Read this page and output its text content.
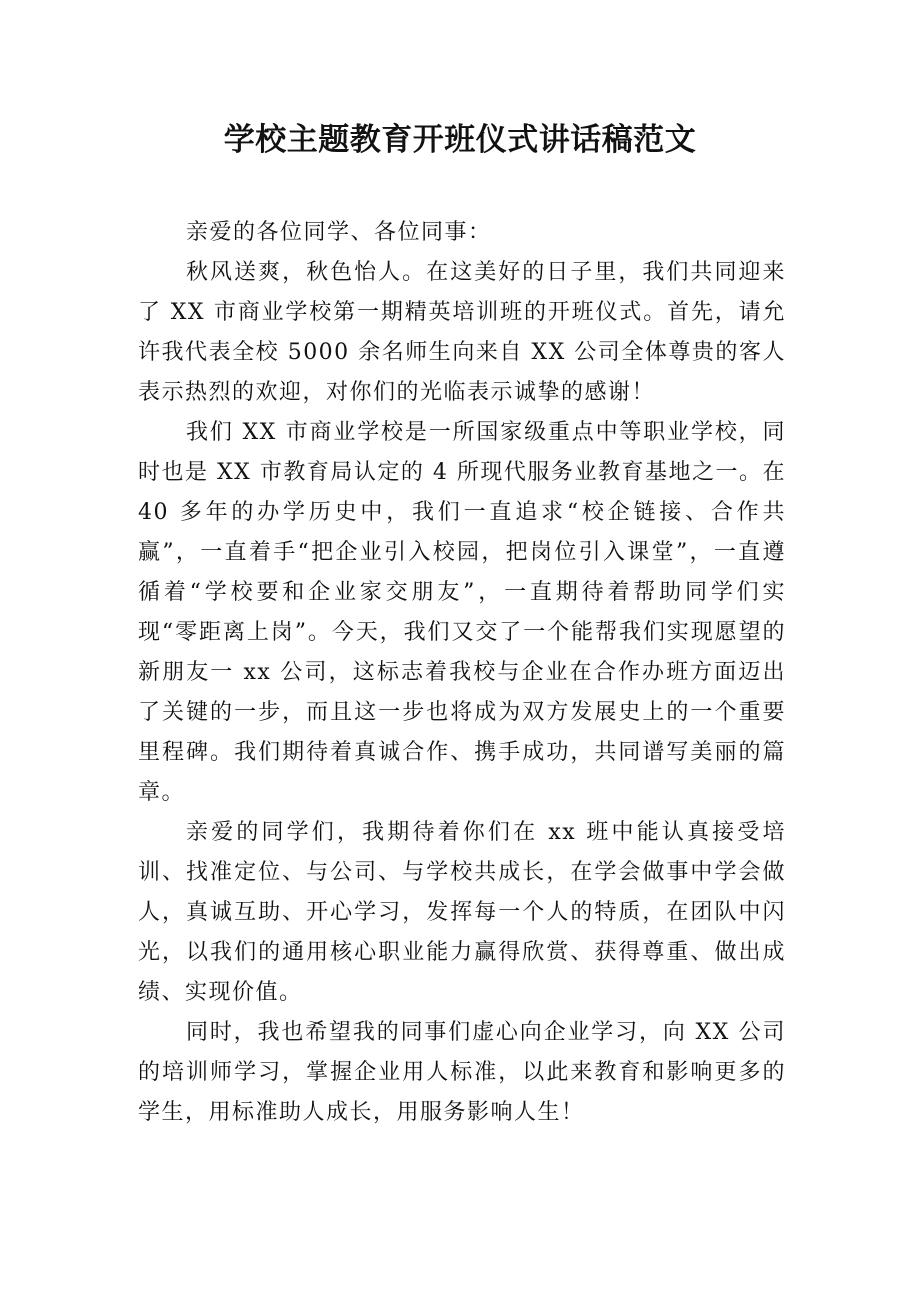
学校主题教育开班仪式讲话稿范文

亲爱的各位同学、各位同事：

秋风送爽，秋色怡人。在这美好的日子里，我们共同迎来了 XX 市商业学校第一期精英培训班的开班仪式。首先，请允许我代表全校 5000 余名师生向来自 XX 公司全体尊贵的客人表示热烈的欢迎，对你们的光临表示诚挚的感谢！

我们 XX 市商业学校是一所国家级重点中等职业学校，同时也是 XX 市教育局认定的 4 所现代服务业教育基地之一。在 40 多年的办学历史中，我们一直追求“校企链接、合作共赢”，一直着手“把企业引入校园，把岗位引入课堂”，一直遵循着“学校要和企业家交朋友”，一直期待着帮助同学们实现“零距离上岗”。今天，我们又交了一个能帮我们实现愿望的新朋友一 xx 公司，这标志着我校与企业在合作办班方面迈出了关键的一步，而且这一步也将成为双方发展史上的一个重要里程碑。我们期待着真诚合作、携手成功，共同谱写美丽的篇章。

亲爱的同学们，我期待着你们在 xx 班中能认真接受培训、找准定位、与公司、与学校共成长，在学会做事中学会做人，真诚互助、开心学习，发挥每一个人的特质，在团队中闪光，以我们的通用核心职业能力赢得欣赏、获得尊重、做出成绩、实现价值。

同时，我也希望我的同事们虚心向企业学习，向 XX 公司的培训师学习，掌握企业用人标准，以此来教育和影响更多的学生，用标准助人成长，用服务影响人生！
